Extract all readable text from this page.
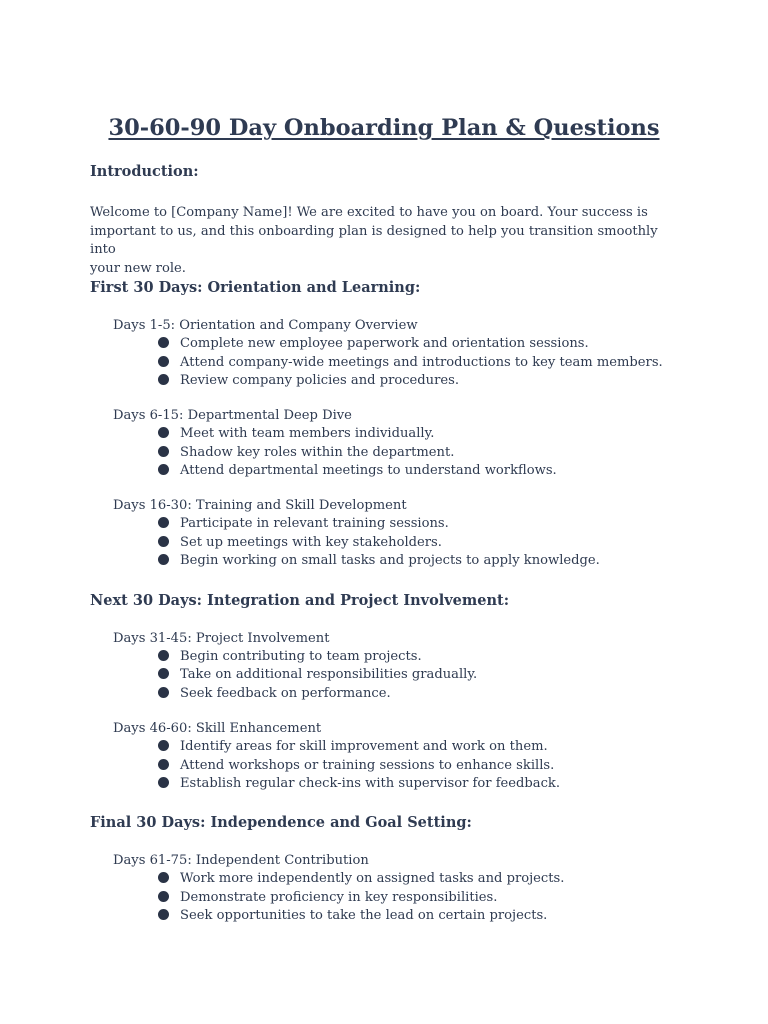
30-60-90 Day Onboarding Plan & Questions
Introduction:
Welcome to [Company Name]! We are excited to have you on board. Your success is
important to us, and this onboarding plan is designed to help you transition smoothly into
your new role.
First 30 Days: Orientation and Learning:
Days 1-5: Orientation and Company Overview
Complete new employee paperwork and orientation sessions.
Attend company-wide meetings and introductions to key team members.
Review company policies and procedures.
Days 6-15: Departmental Deep Dive
Meet with team members individually.
Shadow key roles within the department.
Attend departmental meetings to understand workflows.
Days 16-30: Training and Skill Development
Participate in relevant training sessions.
Set up meetings with key stakeholders.
Begin working on small tasks and projects to apply knowledge.
Next 30 Days: Integration and Project Involvement:
Days 31-45: Project Involvement
Begin contributing to team projects.
Take on additional responsibilities gradually.
Seek feedback on performance.
Days 46-60: Skill Enhancement
Identify areas for skill improvement and work on them.
Attend workshops or training sessions to enhance skills.
Establish regular check-ins with supervisor for feedback.
Final 30 Days: Independence and Goal Setting:
Days 61-75: Independent Contribution
Work more independently on assigned tasks and projects.
Demonstrate proficiency in key responsibilities.
Seek opportunities to take the lead on certain projects.
